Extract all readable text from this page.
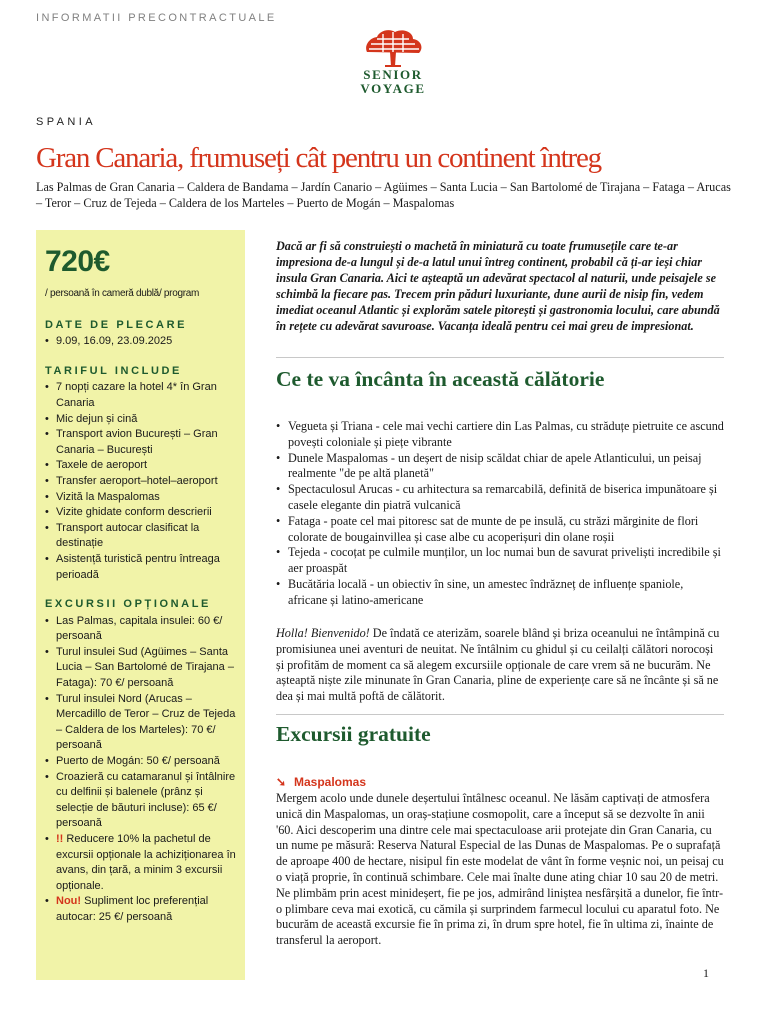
INFORMATII PRECONTRACTUALE
SENIOR
VOYAGE
SPANIA
Gran Canaria, frumuseți cât pentru un continent întreg
Las Palmas de Gran Canaria – Caldera de Bandama – Jardín Canario – Agüimes – Santa Lucia – San Bartolomé de Tirajana – Fataga – Arucas – Teror – Cruz de Tejeda – Caldera de los Marteles – Puerto de Mogán – Maspalomas
720€
/ persoană în cameră dublă/ program
DATE DE PLECARE
• 9.09, 16.09, 23.09.2025
TARIFUL INCLUDE
• 7 nopți cazare la hotel 4* în Gran Canaria
• Mic dejun și cină
• Transport avion București – Gran Canaria – București
• Taxele de aeroport
• Transfer aeroport–hotel–aeroport
• Vizită la Maspalomas
• Vizite ghidate conform descrierii
• Transport autocar clasificat la destinație
• Asistență turistică pentru întreaga perioadă
EXCURSII OPȚIONALE
• Las Palmas, capitala insulei: 60 €/ persoană
• Turul insulei Sud (Agüimes – Santa Lucia – San Bartolomé de Tirajana – Fataga): 70 €/ persoană
• Turul insulei Nord (Arucas – Mercadillo de Teror – Cruz de Tejeda – Caldera de los Marteles): 70 €/ persoană
• Puerto de Mogán: 50 €/ persoană
• Croazieră cu catamaranul și întâlnire cu delfinii și balenele (prânz și selecție de băuturi incluse): 65 €/ persoană
• !! Reducere 10% la pachetul de excursii opționale la achiziționarea în avans, din țară, a minim 3 excursii opționale.
• Nou! Supliment loc preferențial autocar: 25 €/ persoană
Dacă ar fi să construiești o machetă în miniatură cu toate frumusețile care te-ar impresiona de-a lungul și de-a latul unui întreg continent, probabil că ți-ar ieși chiar insula Gran Canaria. Aici te așteaptă un adevărat spectacol al naturii, unde peisajele se schimbă la fiecare pas. Trecem prin păduri luxuriante, dune aurii de nisip fin, vedem imediat oceanul Atlantic și explorăm satele pitorești și gastronomia locului, care abundă în rețete cu adevărat savuroase. Vacanța ideală pentru cei mai greu de impresionat.
Ce te va încânta în această călătorie
• Vegueta și Triana - cele mai vechi cartiere din Las Palmas, cu străduțe pietruite ce ascund povești coloniale și piețe vibrante
• Dunele Maspalomas - un deșert de nisip scăldat chiar de apele Atlanticului, un peisaj realmente "de pe altă planetă"
• Spectaculosul Arucas - cu arhitectura sa remarcabilă, definită de biserica impunătoare și casele elegante din piatră vulcanică
• Fataga - poate cel mai pitoresc sat de munte de pe insulă, cu străzi mărginite de flori colorate de bougainvillea și case albe cu acoperișuri din olane roșii
• Tejeda - cocoțat pe culmile munților, un loc numai bun de savurat priveliști incredibile și aer proaspăt
• Bucătăria locală - un obiectiv în sine, un amestec îndrăzneț de influențe spaniole, africane și latino-americane
Holla! Bienvenido! De îndată ce aterizăm, soarele blând și briza oceanului ne întâmpină cu promisiunea unei aventuri de neuitat. Ne întâlnim cu ghidul și cu ceilalți călători norocoși și profităm de moment ca să alegem excursiile opționale de care vrem să ne bucurăm. Ne așteaptă niște zile minunate în Gran Canaria, pline de experiențe care să ne încânte și să ne dea și mai multă poftă de călătorit.
Excursii gratuite
➘ Maspalomas
Mergem acolo unde dunele deșertului întâlnesc oceanul. Ne lăsăm captivați de atmosfera unică din Maspalomas, un oraș-stațiune cosmopolit, care a început să se dezvolte în anii '60. Aici descoperim una dintre cele mai spectaculoase arii protejate din Gran Canaria, cu un nume pe măsură: Reserva Natural Especial de las Dunas de Maspalomas. Pe o suprafață de aproape 400 de hectare, nisipul fin este modelat de vânt în forme veșnic noi, un peisaj cu o viață proprie, în continuă schimbare. Cele mai înalte dune ating chiar 10 sau 20 de metri. Ne plimbăm prin acest minideșert, fie pe jos, admirând liniștea nesfârșită a dunelor, fie într-o plimbare ceva mai exotică, cu cămila și surprindem farmecul locului cu aparatul foto. Ne bucurăm de această excursie fie în prima zi, în drum spre hotel, fie în ultima zi, înainte de transferul la aeroport.
1
